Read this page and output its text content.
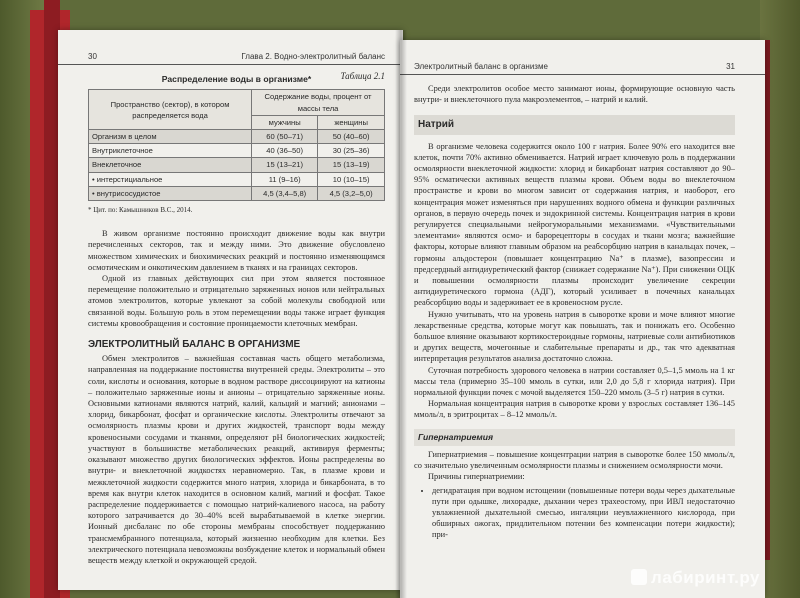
30	Глава 2. Водно-электролитный баланс
Таблица 2.1
Распределение воды в организме*
Пространство (сектор), в котором распределяется вода	Содержание воды, процент от массы тела	
	мужчины	женщины
Организм в целом	60 (50–71)	50 (40–60)
Внутриклеточное	40 (36–50)	30 (25–36)
Внеклеточное	15 (13–21)	15 (13–19)
• интерстициальное	11 (9–16)	10 (10–15)
• внутрисосудистое	4,5 (3,4–5,8)	4,5 (3,2–5,0)
* Цит. по: Камышников В.С., 2014.

В живом организме постоянно происходит движение воды как внутри перечисленных секторов, так и между ними. Это движение обусловлено множеством химических и биохимических реакций и постоянно изменяющимся осмотическим и онкотическим давлением в тканях и на границах секторов.

Одной из главных действующих сил при этом является постоянное перемещение положительно и отрицательно заряженных ионов или нейтральных атомов электролитов, которые увлекают за собой молекулы свободной или связанной воды. Большую роль в этом перемещении воды также играет функция системы кровообращения и состояние проницаемости клеточных мембран.

ЭЛЕКТРОЛИТНЫЙ БАЛАНС В ОРГАНИЗМЕ

Обмен электролитов – важнейшая составная часть общего метаболизма, направленная на поддержание постоянства внутренней среды. Электролиты – это соли, кислоты и основания, которые в водном растворе диссоциируют на катионы – положительно заряженные ионы и анионы – отрицательно заряженные ионы. Основными катионами являются натрий, калий, кальций и магний; анионами – хлорид, бикарбонат, фосфат и органические кислоты. Электролиты отвечают за осмолярность плазмы крови и других жидкостей, транспорт воды между кровеносными сосудами и тканями, определяют pH биологических жидкостей; участвуют в большинстве метаболических реакций, активируя ферменты; оказывают множество других биологических эффектов. Ионы распределены во внутри- и внеклеточной жидкостях неравномерно. Так, в плазме крови и межклеточной жидкости содержится много натрия, хлорида и бикарбоната, в то время как внутри клеток находится в основном калий, магний и фосфат. Такое распределение поддерживается с помощью натрий-калиевого насоса, на работу которого затрачивается до 30–40% всей вырабатываемой в клетке энергии. Ионный дисбаланс по обе стороны мембраны способствует поддержанию трансмембранного потенциала, который жизненно необходим для клетки. Без электрического потенциала невозможны возбуждение клеток и нормальный обмен веществ между клеткой и окружающей средой.

Электролитный баланс в организме	31

Среди электролитов особое место занимают ионы, формирующие основную часть внутри- и внеклеточного пула макроэлементов, – натрий и калий.

Натрий

В организме человека содержится около 100 г натрия. Более 90% его находится вне клеток, почти 70% активно обменивается. Натрий играет ключевую роль в поддержании осмолярности внеклеточной жидкости: хлорид и бикарбонат натрия составляют до 90–95% осматически активных веществ плазмы крови. Объем воды во внеклеточном пространстве и крови во многом зависит от содержания натрия, и наоборот, его концентрация может изменяться при нарушениях водного обмена и функции различных органов, в первую очередь почек и эндокринной системы. Концентрация натрия в крови регулируется специальными нейрогуморальными механизмами. «Чувствительными элементами» являются осмо- и барорецепторы в сосудах и ткани мозга; важнейшие факторы, которые влияют главным образом на реабсорбцию натрия в канальцах почек, – гормоны альдостерон (повышает концентрацию Na⁺ в плазме), вазопрессин и предсердный антидиуретический фактор (снижает содержание Na⁺). При снижении ОЦК и повышении осмолярности плазмы происходит увеличение секреции антидиуретического гормона (АДГ), который усиливает в почечных канальцах реабсорбцию воды и задерживает ее в кровеносном русле.

Нужно учитывать, что на уровень натрия в сыворотке крови и моче влияют многие лекарственные средства, которые могут как повышать, так и понижать его. Особенно большое влияние оказывают кортикостероидные гормоны, натриевые соли антибиотиков и других веществ, мочегонные и слабительные препараты и др., так что адекватная интерпретация результатов анализа достаточно сложна.

Суточная потребность здорового человека в натрии составляет 0,5–1,5 ммоль на 1 кг массы тела (примерно 35–100 ммоль в сутки, или 2,0 до 5,8 г хлорида натрия). При нормальной функции почек с мочой выделяется 150–220 ммоль (3–5 г) натрия в сутки.

Нормальная концентрация натрия в сыворотке крови у взрослых составляет 136–145 ммоль/л, в эритроцитах – 8–12 ммоль/л.

Гипернатриемия

Гипернатриемия – повышение концентрации натрия в сыворотке более 150 ммоль/л, со значительно увеличенным осмолярности плазмы и снижением осмолярности мочи.

Причины гипернатриемии:

• дегидратация при водном истощении (повышенные потери воды через дыхательные пути при одышке, лихорадке, дыхании через трахеостому, при ИВЛ недостаточно увлажненной дыхательной смесью, ингаляции неувлажненного кислорода, при обширных ожогах, придлительном потении без компенсации потери жидкости); при-
лабиринт.ру
